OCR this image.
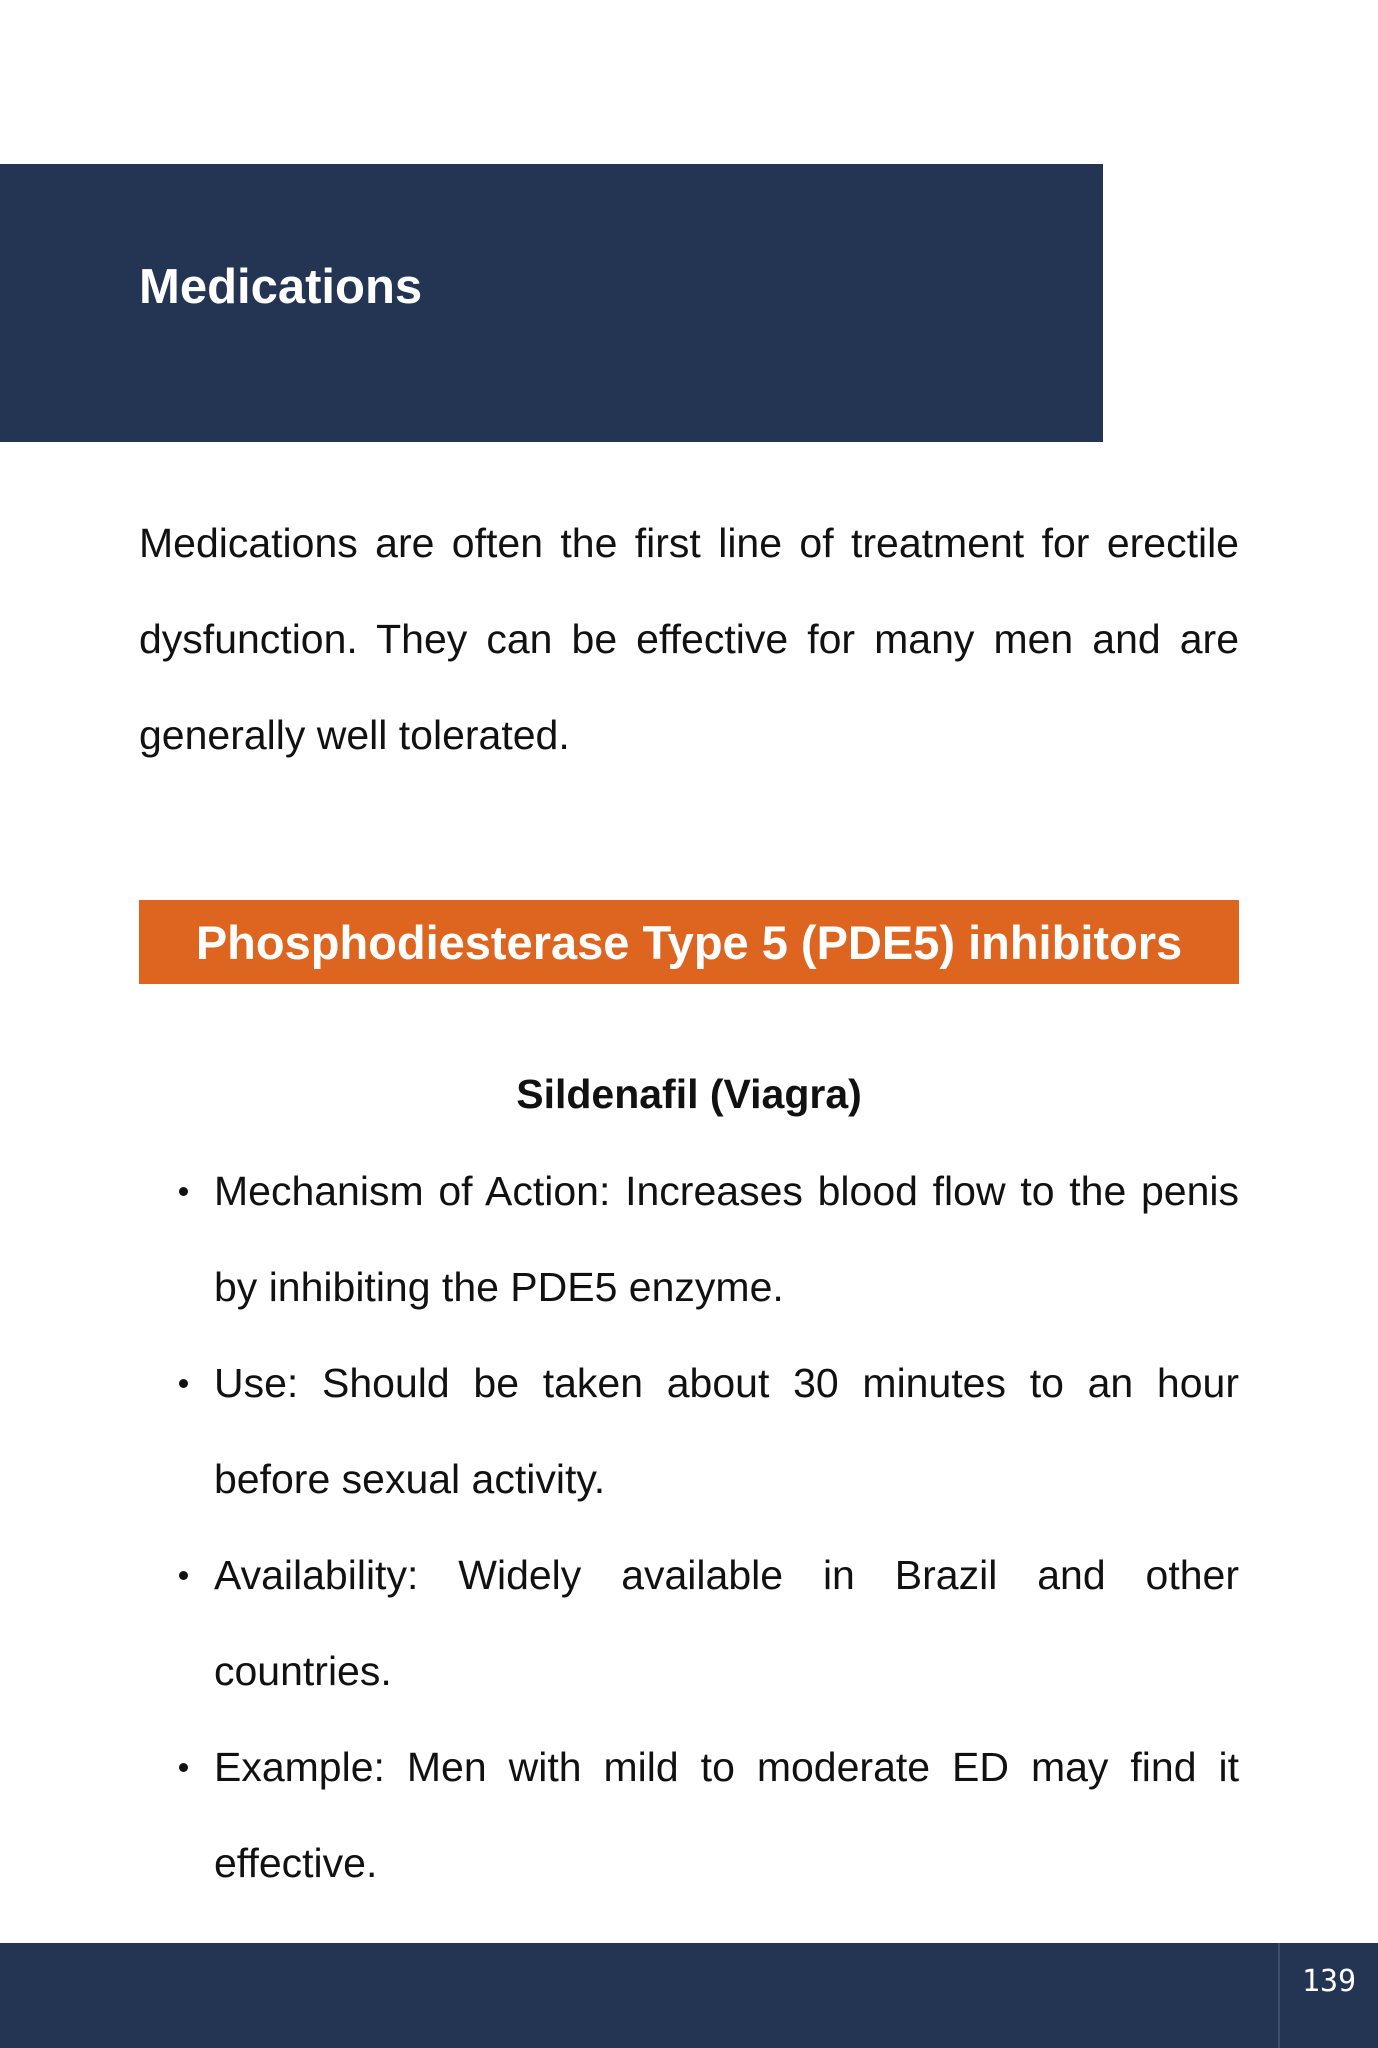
Medications

Medications are often the first line of treatment for erectile dysfunction. They can be effective for many men and are generally well tolerated.

Phosphodiesterase Type 5 (PDE5) inhibitors
Sildenafil (Viagra)
Mechanism of Action: Increases blood flow to the penis by inhibiting the PDE5 enzyme.
Use: Should be taken about 30 minutes to an hour before sexual activity.
Availability: Widely available in Brazil and other countries.
Example: Men with mild to moderate ED may find it effective.
139
